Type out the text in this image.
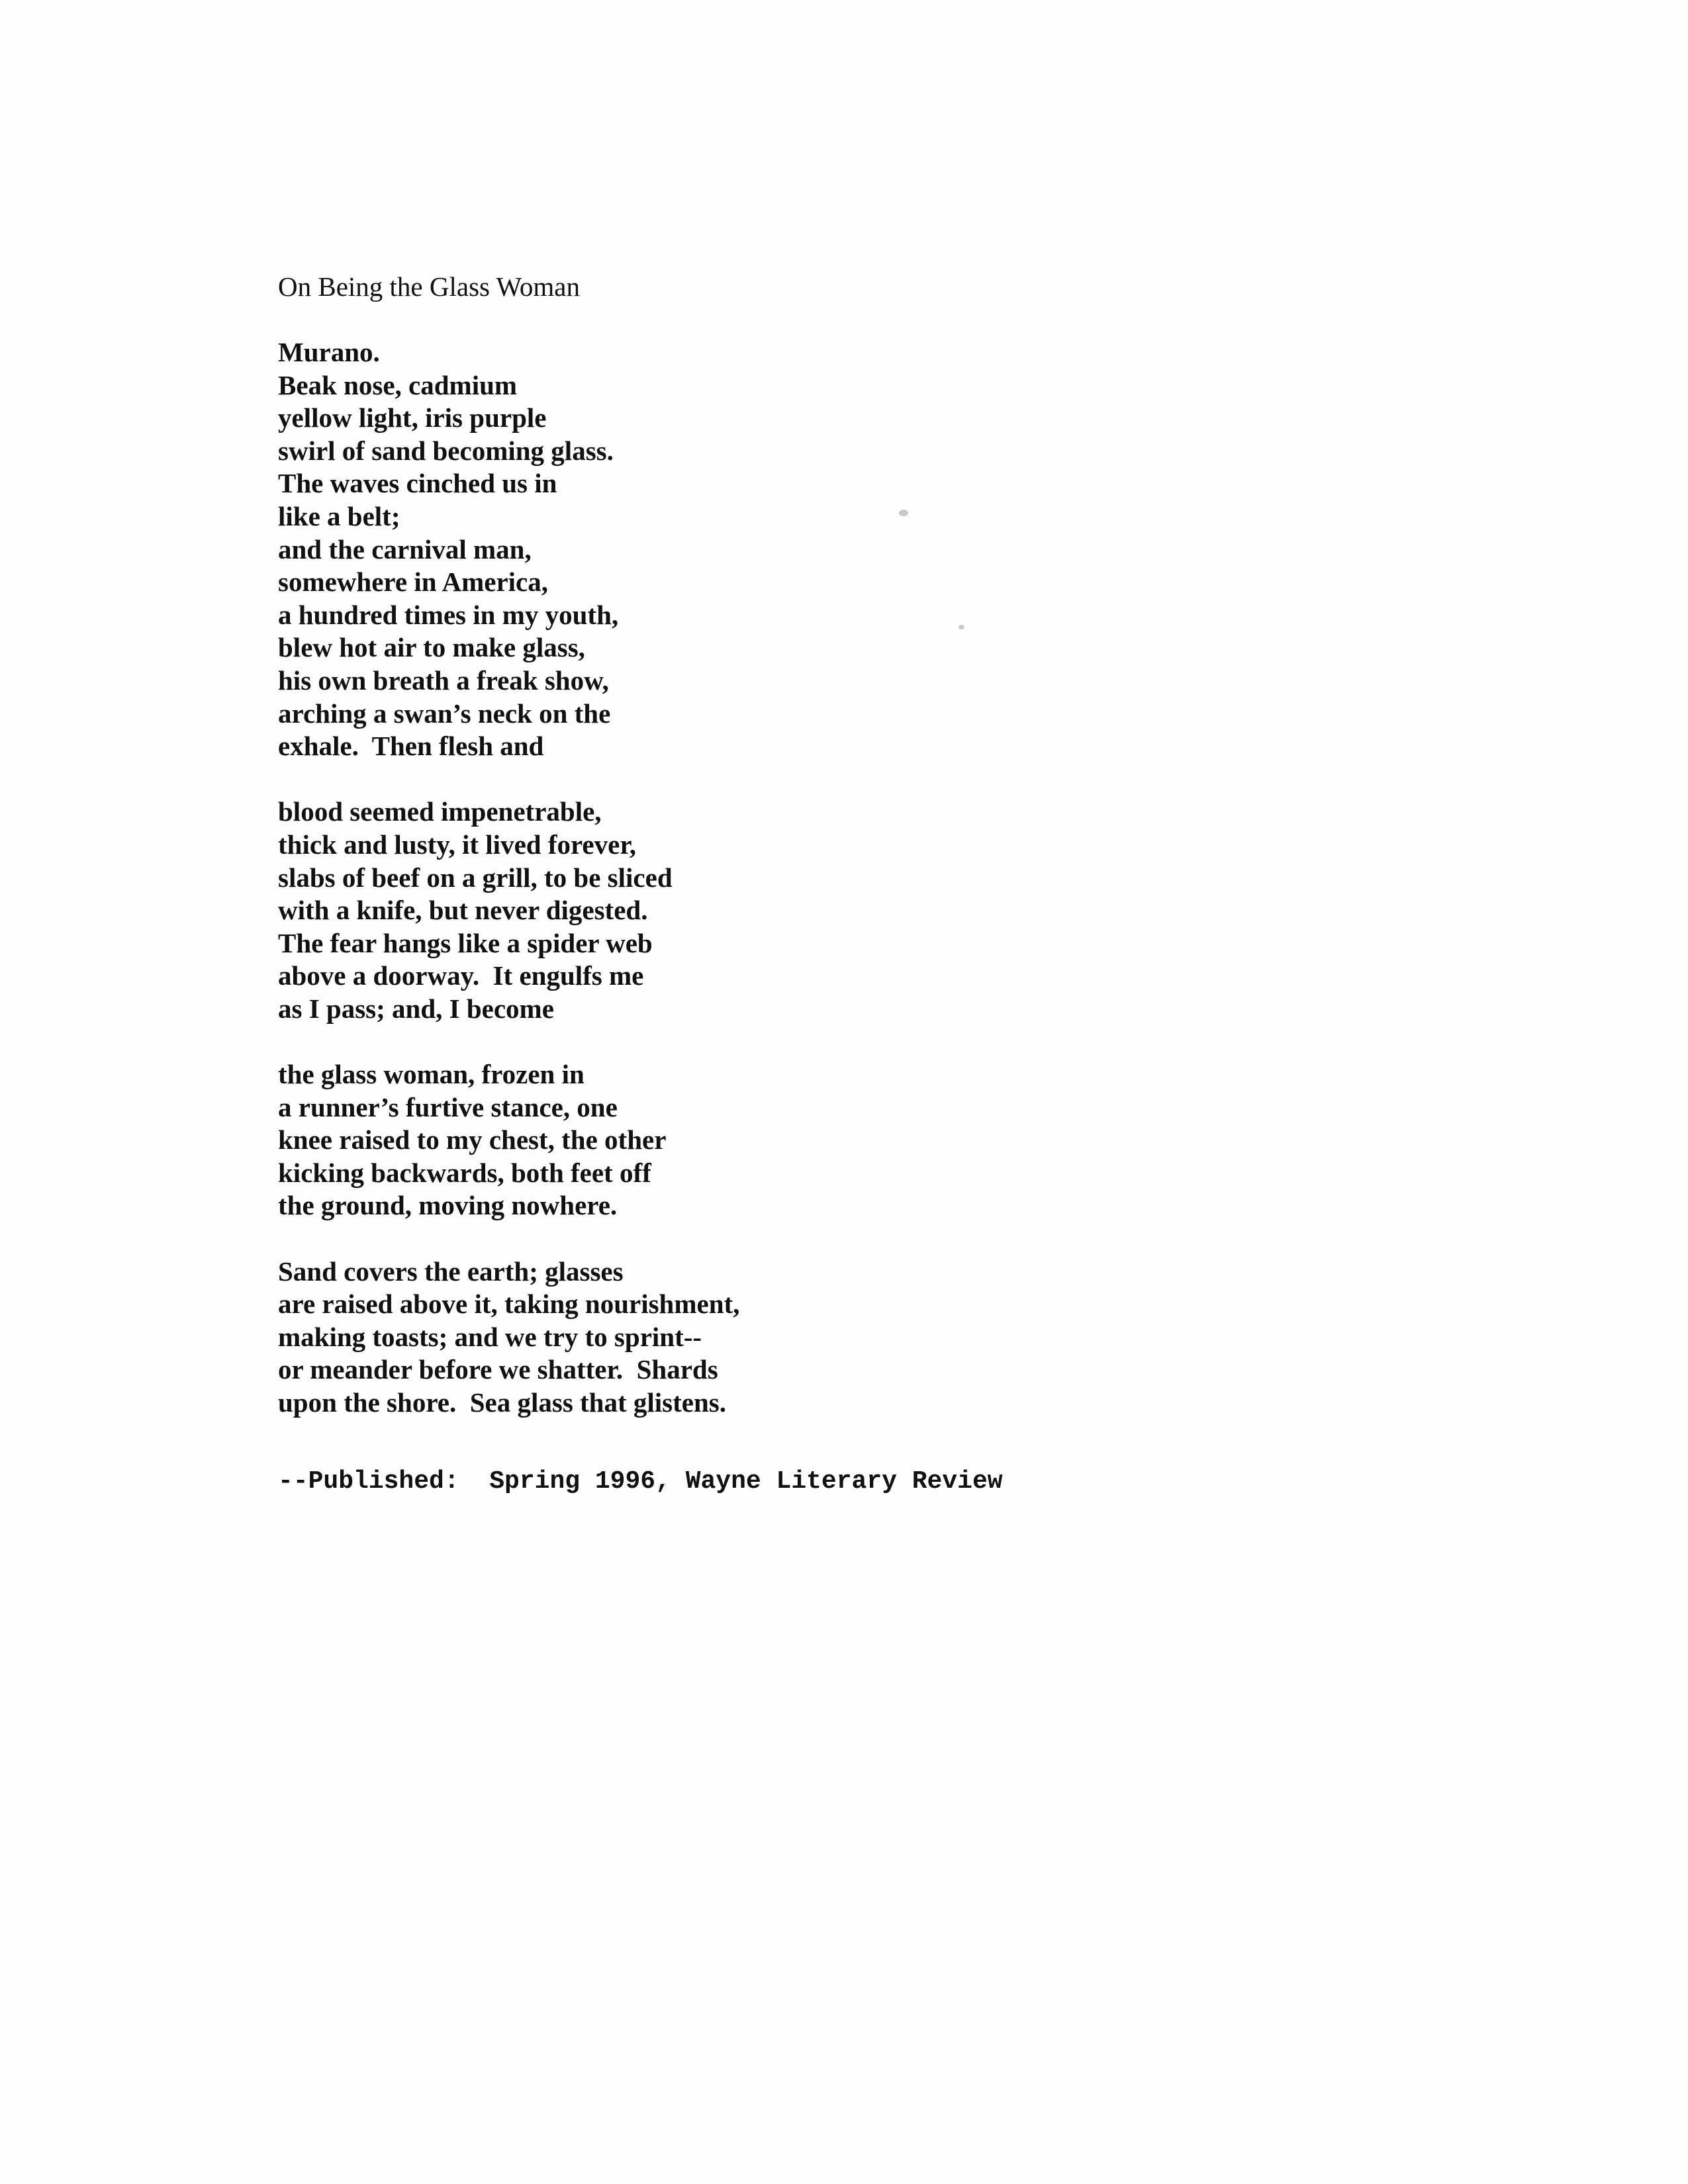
On Being the Glass Woman
Murano.
Beak nose, cadmium
yellow light, iris purple
swirl of sand becoming glass.
The waves cinched us in
like a belt;
and the carnival man,
somewhere in America,
a hundred times in my youth,
blew hot air to make glass,
his own breath a freak show,
arching a swan’s neck on the
exhale.  Then flesh and
blood seemed impenetrable,
thick and lusty, it lived forever,
slabs of beef on a grill, to be sliced
with a knife, but never digested.
The fear hangs like a spider web
above a doorway.  It engulfs me
as I pass; and, I become
the glass woman, frozen in
a runner’s furtive stance, one
knee raised to my chest, the other
kicking backwards, both feet off
the ground, moving nowhere.
Sand covers the earth; glasses
are raised above it, taking nourishment,
making toasts; and we try to sprint--
or meander before we shatter.  Shards
upon the shore.  Sea glass that glistens.
--Published:  Spring 1996, Wayne Literary Review
